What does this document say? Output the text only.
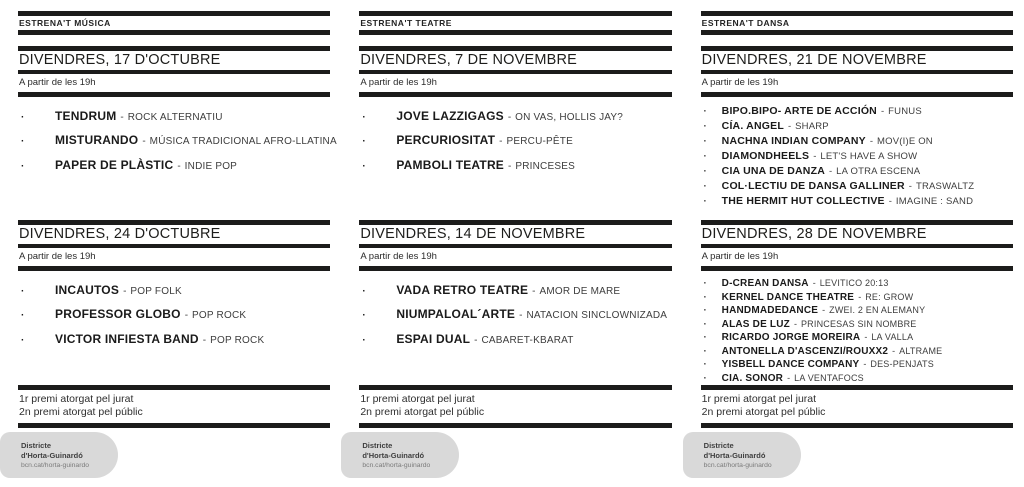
ESTRENA'T MÚSICA
DIVENDRES, 17 D'OCTUBRE
A partir de les 19h
·	TENDRUM - ROCK ALTERNATIU
·	MISTURANDO - MÚSICA TRADICIONAL AFRO-LLATINA
·	PAPER DE PLÀSTIC - INDIE POP
DIVENDRES, 24 D'OCTUBRE
A partir de les 19h
·	INCAUTOS - POP FOLK
·	PROFESSOR GLOBO - POP ROCK
·	VICTOR INFIESTA BAND - POP ROCK
1r premi atorgat pel jurat
2n premi atorgat pel públic
Districte
d'Horta-Guinardó
bcn.cat/horta-guinardo
ESTRENA'T TEATRE
DIVENDRES, 7 DE NOVEMBRE
A partir de les 19h
·	JOVE LAZZIGAGS - ON VAS, HOLLIS JAY?
·	PERCURIOSITAT - PERCU-PÊTE
·	PAMBOLI TEATRE - PRINCESES
DIVENDRES, 14 DE NOVEMBRE
A partir de les 19h
·	VADA RETRO TEATRE - AMOR DE MARE
·	NIUMPALOAL´ARTE - NATACION SINCLOWNIZADA
·	ESPAI DUAL - CABARET-KBARAT
1r premi atorgat pel jurat
2n premi atorgat pel públic
Districte
d'Horta-Guinardó
bcn.cat/horta-guinardo
ESTRENA'T DANSA
DIVENDRES, 21 DE NOVEMBRE
A partir de les 19h
·	BIPO.BIPO- ARTE DE ACCIÓN - FUNUS
·	CÍA. ANGEL - SHARP
·	NACHNA INDIAN COMPANY - MOV(I)E ON
·	DIAMONDHEELS - LET'S HAVE A SHOW
·	CIA UNA DE DANZA - LA OTRA ESCENA
·	COL·LECTIU DE DANSA GALLINER - TRASWALTZ
·	THE HERMIT HUT COLLECTIVE - IMAGINE : SAND
DIVENDRES, 28 DE NOVEMBRE
A partir de les 19h
·	D-CREAN DANSA - LEVITICO 20:13
·	KERNEL DANCE THEATRE - RE: GROW
·	HANDMADEDANCE - ZWEI. 2 EN ALEMANY
·	ALAS DE LUZ - PRINCESAS SIN NOMBRE
·	RICARDO JORGE MOREIRA - LA VALLA
·	ANTONELLA D'ASCENZI/ROUXX2 - ALTRAME
·	YISBELL DANCE COMPANY - DES-PENJATS
·	CIA. SONOR - LA VENTAFOCS
1r premi atorgat pel jurat
2n premi atorgat pel públic
Districte
d'Horta-Guinardó
bcn.cat/horta-guinardo
